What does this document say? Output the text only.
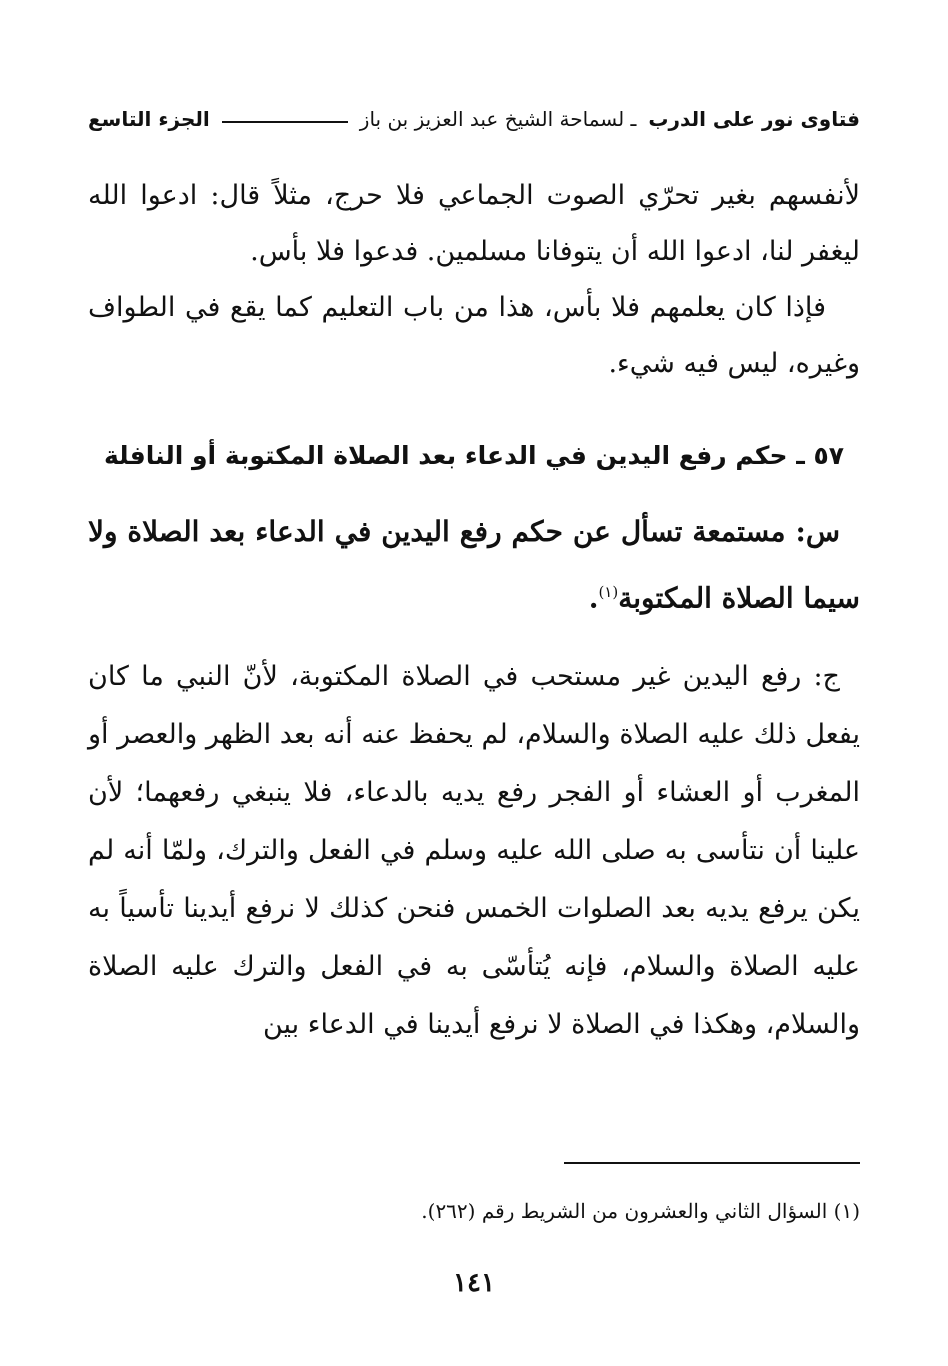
فتاوى نور على الدرب
ـ لسماحة الشيخ عبد العزيز بن باز
الجزء التاسع

لأنفسهم بغير تحرّي الصوت الجماعي فلا حرج، مثلاً قال: ادعوا الله ليغفر لنا، ادعوا الله أن يتوفانا مسلمين. فدعوا فلا بأس.

فإذا كان يعلمهم فلا بأس، هذا من باب التعليم كما يقع في الطواف وغيره، ليس فيه شيء.

٥٧ ـ حكم رفع اليدين في الدعاء بعد الصلاة المكتوبة أو النافلة

س: مستمعة تسأل عن حكم رفع اليدين في الدعاء بعد الصلاة ولا سيما الصلاة المكتوبة$^{(١)}$.

ج: رفع اليدين غير مستحب في الصلاة المكتوبة، لأنّ النبي ما كان يفعل ذلك عليه الصلاة والسلام، لم يحفظ عنه أنه بعد الظهر والعصر أو المغرب أو العشاء أو الفجر رفع يديه بالدعاء، فلا ينبغي رفعهما؛ لأن علينا أن نتأسى به صلى الله عليه وسلم في الفعل والترك، ولمّا أنه لم يكن يرفع يديه بعد الصلوات الخمس فنحن كذلك لا نرفع أيدينا تأسياً به عليه الصلاة والسلام، فإنه يُتأسّى به في الفعل والترك عليه الصلاة والسلام، وهكذا في الصلاة لا نرفع أيدينا في الدعاء بين

(١) السؤال الثاني والعشرون من الشريط رقم (٢٦٢).
١٤١
